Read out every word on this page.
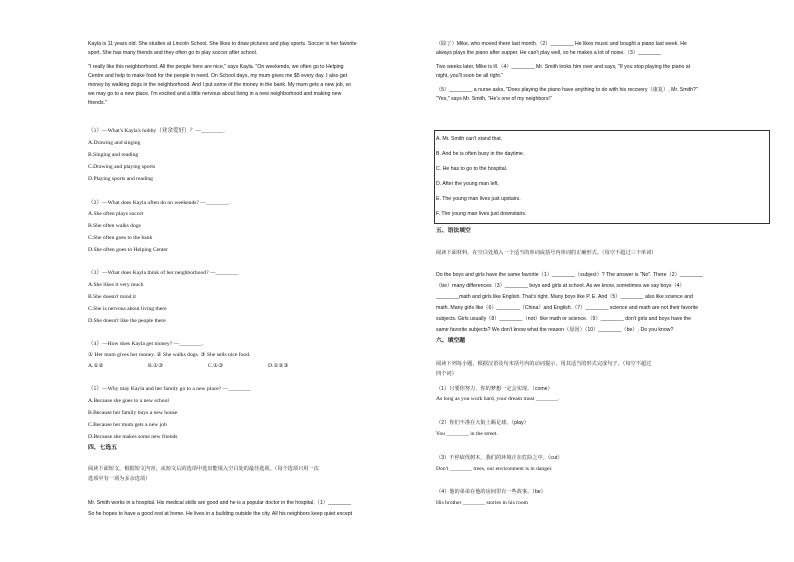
Kayla is 11 years old. She studies at Lincoln School. She likes to draw pictures and play sports. Soccer is her favorite
sport. She has many friends and they often go to play soccer after school.
"I really like this neighborhood. All the people here are nice," says Kayla. "On weekends, we often go to Helping
Centre and help to make food for the people in need. On School days, my mum gives me $5 every day. I also get
money by walking dogs in the neighborhood. And I put some of the money in the bank. My mum gets a new job, so
we may go to a new place. I'm excited and a little nervous about living in a new neighborhood and making new
friends."
（1）—What's Kayla's hobby（业余爱好）？—________.
A.Drawing and singing
B.Singing and reading
C.Drawing and playing sports
D.Playing sports and reading
（2）—What does Kayla often do on weekends? —________.
A.She often plays soccer
B.She often walks dogs
C.She often goes to the bank
D.She often goes to Helping Center
（3）—What does Kayla think of her neighborhood? —________
A.She likes it very much
B.She doesn't mind it
C.She is nervous about living there
D.She doesn't like the people there
（4）—How does Kayla get money? —________.
① Her mum gives her money. ② She walks dogs. ③ She sells nice food.
A.①②	B.①③	C.①③	D.①②③
（5）—Why may Kayla and her family go to a new place? —________
A.Because she goes to a new school
B.Because her family buys a new house
C.Because her mum gets a new job
D.Because she makes some new friends
四、七选五
阅读下面短文，根据短文内容，从短文后的选项中选出能填入空白处的最佳选项。（每个选项只用一次
选项中有一项为多余选项）
Mr. Smith works in a hospital. His medical skills are good and he is a popular doctor in the hospital.（1）________
So he hopes to have a good rest at home. He lives in a building outside the city. All his neighbors keep quiet except
（除了）Mike, who moved there last month.（2）________ He likes music and bought a piano last week. He
always plays the piano after supper. He can't play well, so he makes a lot of noise.（3）________
Two weeks later, Mike is ill.（4）________ Mr. Smith looks him over and says, "If you stop playing the piano at
night, you'll soon be all right."
（5）________ a nurse asks, "Does playing the piano have anything to do with his recovery（康复）, Mr. Smith?"
"Yes," says Mr. Smith, "He's one of my neighbors!"
A. Mr. Smith can't stand that.
B. And he is often busy in the daytime.
C. He has to go to the hospital.
D. After the young man left,
E. The young man lives just upstairs.
F. The young man lives just downstairs.
五、语法填空
阅读下面材料，在空白处填入一个适当的单词或括号内单词的正确形式。（每空不超过三个单词）
Do the boys and girls have the same favorite（1）________（subject）? The answer is "No". There（2）________
（be）many differences（3）________ boys and girls at school. As we know, sometimes we say boys（4）
________math and girls like English. That's right. Many boys like P. E. And（5）________ also like science and
math. Many girls like（6）________（China）and English.（7）________ science and math are not their favorite
subjects. Girls usually（8）________（not）like math or science.（9）________ don't girls and boys have the
same favorite subjects? We don't know what the reason（原因）（10）________（be）. Do you know?
六、填空题
阅读下列每小题，根据汉语及句末括号内的动词提示，用其适当的形式完成句子。（每空不超过
四个词）
（1）只要你努力，你的梦想一定会实现。（come）
As long as you work hard, your dream must ________.
（2）你们不准在大街上踢足球。（play）
You ________ in the street.
（3）不停砍伐树木，我们的环境正在危险之中。（cut）
Don't ________ trees, our environment is in danger.
（4）他的弟弟在他的房间里有一些故事。（be）
His brother ________ stories in his room
